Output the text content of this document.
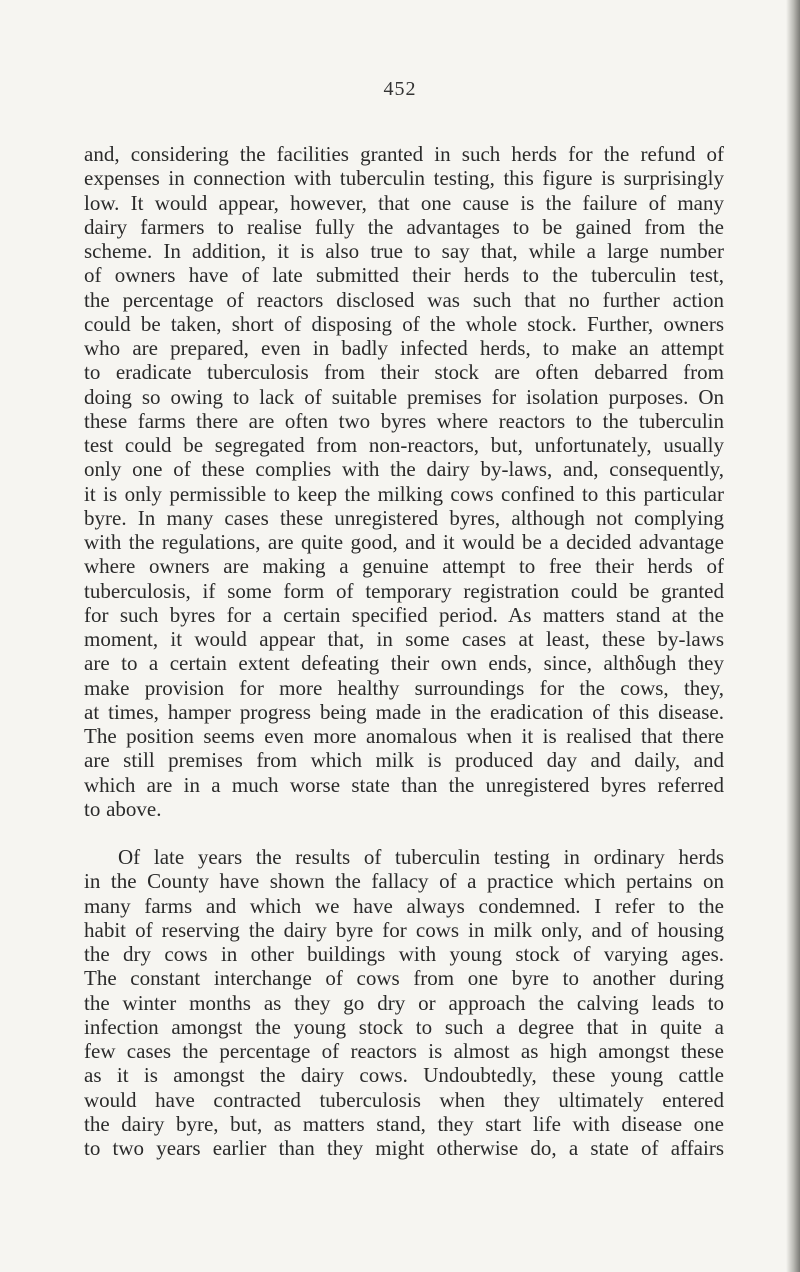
452
and, considering the facilities granted in such herds for the refund of
expenses in connection with tuberculin testing, this figure is surprisingly
low. It would appear, however, that one cause is the failure of many
dairy farmers to realise fully the advantages to be gained from the
scheme. In addition, it is also true to say that, while a large number
of owners have of late submitted their herds to the tuberculin test,
the percentage of reactors disclosed was such that no further action
could be taken, short of disposing of the whole stock. Further, owners
who are prepared, even in badly infected herds, to make an attempt
to eradicate tuberculosis from their stock are often debarred from
doing so owing to lack of suitable premises for isolation purposes. On
these farms there are often two byres where reactors to the tuberculin
test could be segregated from non-reactors, but, unfortunately, usually
only one of these complies with the dairy by-laws, and, consequently,
it is only permissible to keep the milking cows confined to this particular
byre. In many cases these unregistered byres, although not complying
with the regulations, are quite good, and it would be a decided advantage
where owners are making a genuine attempt to free their herds of
tuberculosis, if some form of temporary registration could be granted
for such byres for a certain specified period. As matters stand at the
moment, it would appear that, in some cases at least, these by-laws
are to a certain extent defeating their own ends, since, althδugh they
make provision for more healthy surroundings for the cows, they,
at times, hamper progress being made in the eradication of this disease.
The position seems even more anomalous when it is realised that there
are still premises from which milk is produced day and daily, and
which are in a much worse state than the unregistered byres referred
to above.
Of late years the results of tuberculin testing in ordinary herds
in the County have shown the fallacy of a practice which pertains on
many farms and which we have always condemned. I refer to the
habit of reserving the dairy byre for cows in milk only, and of housing
the dry cows in other buildings with young stock of varying ages.
The constant interchange of cows from one byre to another during
the winter months as they go dry or approach the calving leads to
infection amongst the young stock to such a degree that in quite a
few cases the percentage of reactors is almost as high amongst these
as it is amongst the dairy cows. Undoubtedly, these young cattle
would have contracted tuberculosis when they ultimately entered
the dairy byre, but, as matters stand, they start life with disease one
to two years earlier than they might otherwise do, a state of affairs
